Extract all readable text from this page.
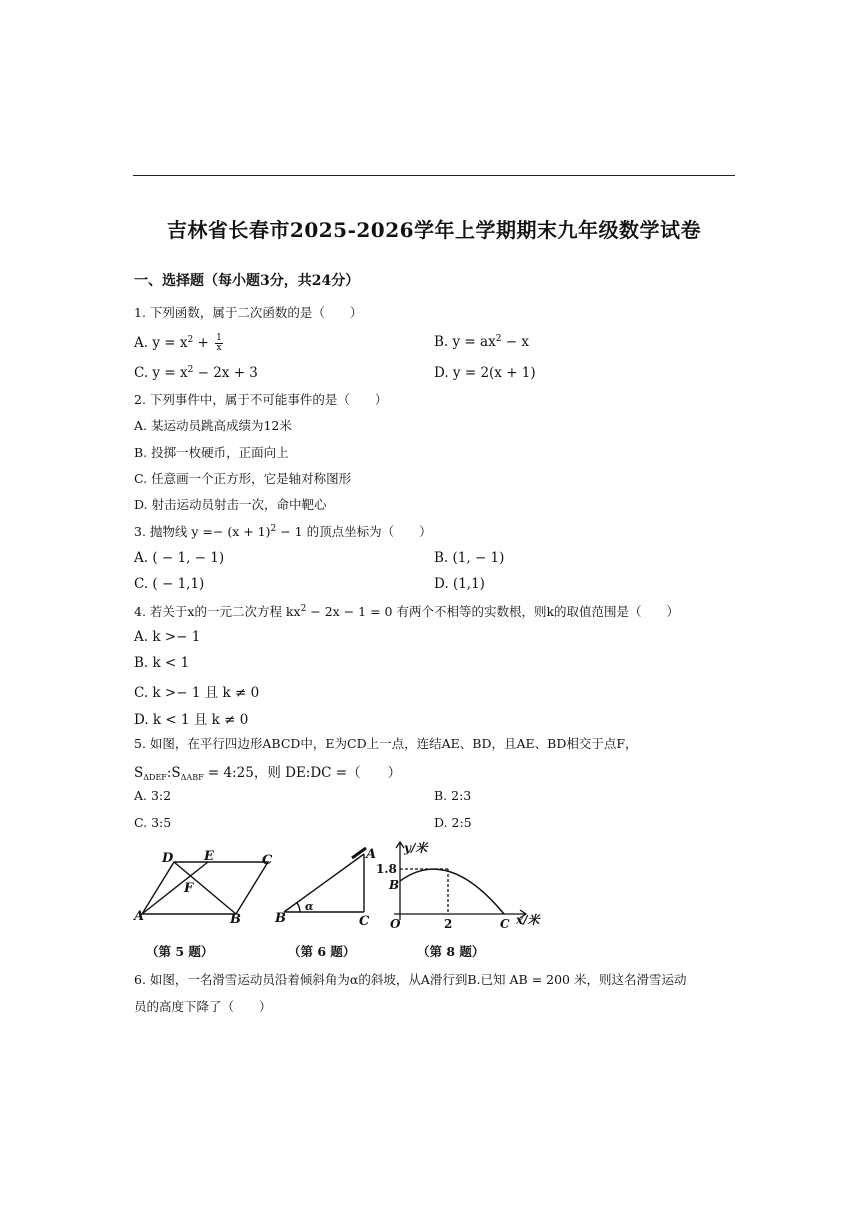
吉林省长春市2025-2026学年上学期期末九年级数学试卷
一、选择题（每小题3分，共24分）
1. 下列函数，属于二次函数的是（　　）
A. $y = x^2 + \frac{1}{x}$	B. $y = ax^2 - x$
C. $y = x^2 - 2x + 3$	D. y = 2(x + 1)
2. 下列事件中，属于不可能事件的是（　　）
A. 某运动员跳高成绩为12米
B. 投掷一枚硬币，正面向上
C. 任意画一个正方形，它是轴对称图形
D. 射击运动员射击一次，命中靶心
3. 抛物线 $y =- (x + 1)^2 - 1$ 的顶点坐标为（　　）
A. ( − 1, − 1)	B. (1, − 1)
C. ( − 1,1)	D. (1,1)
4. 若关于x的一元二次方程 $kx^2 - 2x - 1 = 0$ 有两个不相等的实数根，则k的取值范围是（　　）
A. k >− 1
B. k < 1
C. k >− 1 且 k ≠ 0
D. k < 1 且 k ≠ 0
5. 如图，在平行四边形ABCD中，E为CD上一点，连结AE、BD，且AE、BD相交于点F，
$S_{\Delta DEF}:S_{\Delta ABF}$ = 4:25，则 DE:DC =（　　）
A. 3:2	B. 2:3
C. 3:5	D. 2:5
D E	C
F
A	B
（第 5 题）
A
B	C
α
（第 6 题）
y/米
x/米
1.8
2
O
B
C
（第 8 题）
6. 如图，一名滑雪运动员沿着倾斜角为α的斜坡，从A滑行到B.已知 AB = 200 米，则这名滑雪运动
员的高度下降了（　　）
